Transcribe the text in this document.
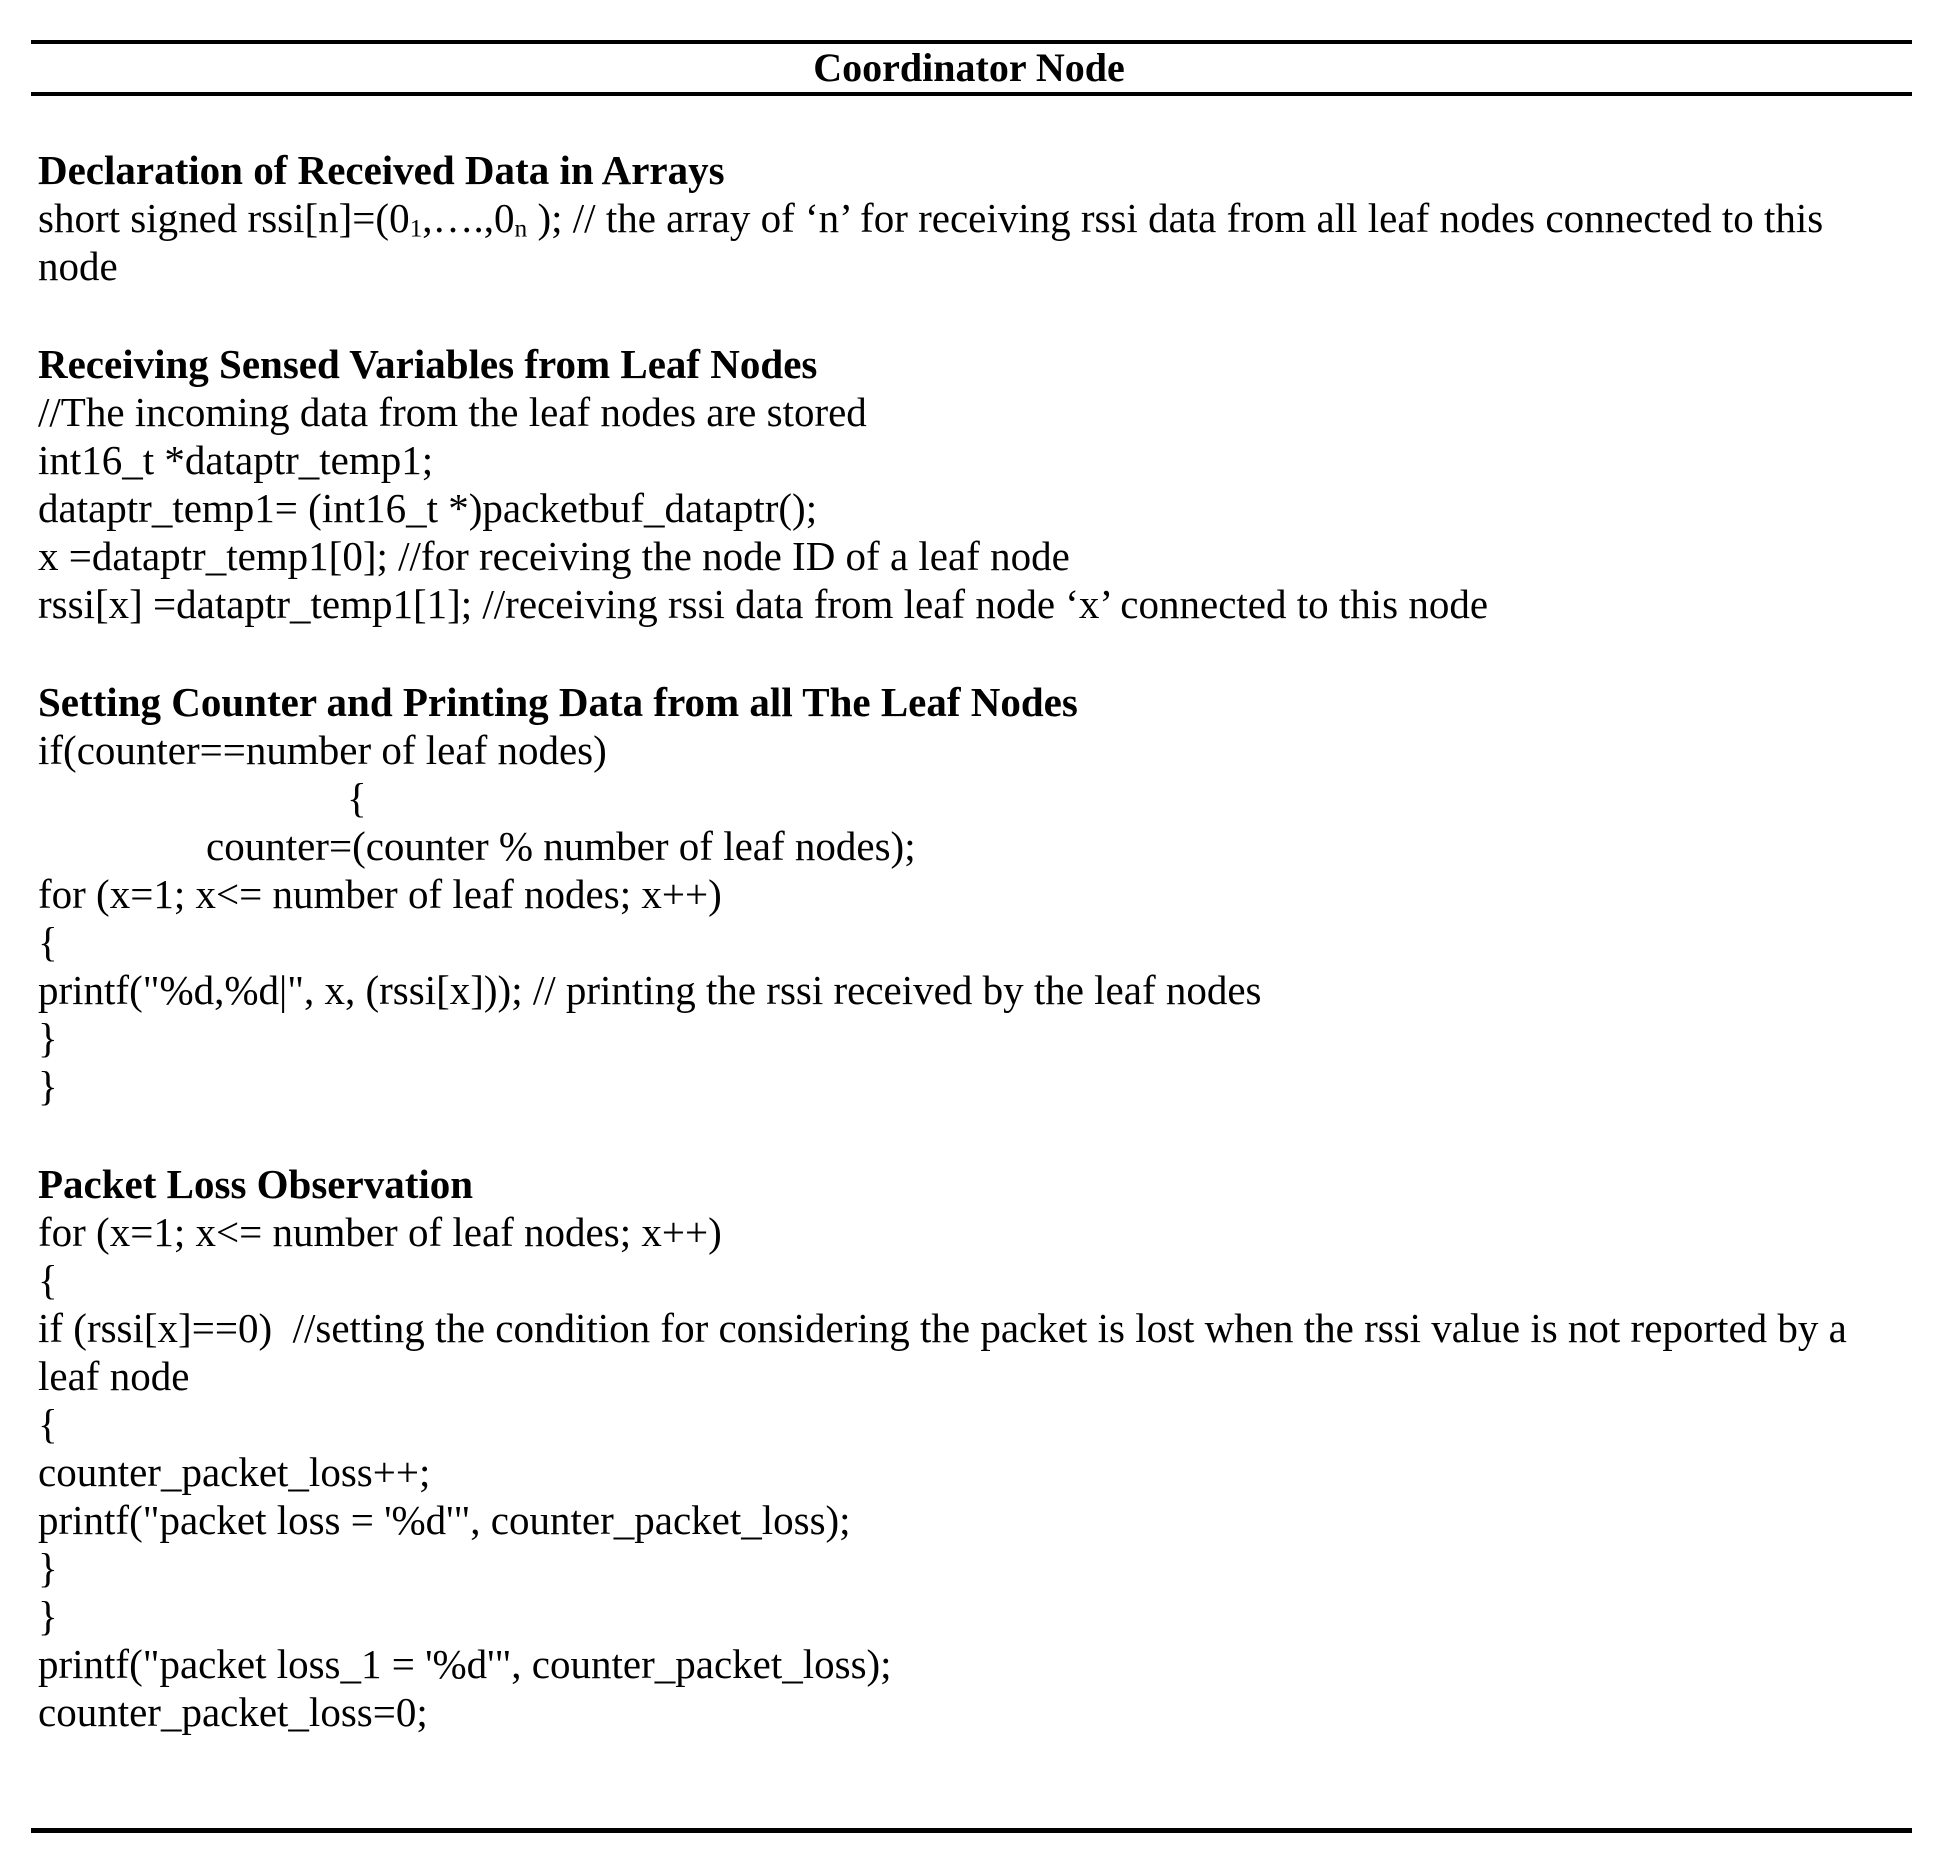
Coordinator Node
Declaration of Received Data in Arrays
short signed $rssi[n]=(0_1,\dots.,0_n$ ); // the array of ‘n’ for receiving rssi data from all leaf nodes connected to this
node
Receiving Sensed Variables from Leaf Nodes
//The incoming data from the leaf nodes are stored
int16_t *dataptr_temp1;
dataptr_temp1= (int16_t *)packetbuf_dataptr();
x =dataptr_temp1[0]; //for receiving the node ID of a leaf node
rssi[x] =dataptr_temp1[1]; //receiving rssi data from leaf node ‘x’ connected to this node
Setting Counter and Printing Data from all The Leaf Nodes
if(counter==number of leaf nodes)
{
counter=(counter % number of leaf nodes);
for (x=1; x<= number of leaf nodes; x++)
{
printf("%d,%d|", x, (rssi[x])); // printing the rssi received by the leaf nodes
}
}
Packet Loss Observation
for (x=1; x<= number of leaf nodes; x++)
{
if (rssi[x]==0)  //setting the condition for considering the packet is lost when the rssi value is not reported by a
leaf node
{
counter_packet_loss++;
printf("packet loss = '%d'", counter_packet_loss);
}
}
printf("packet loss_1 = '%d'", counter_packet_loss);
counter_packet_loss=0;
